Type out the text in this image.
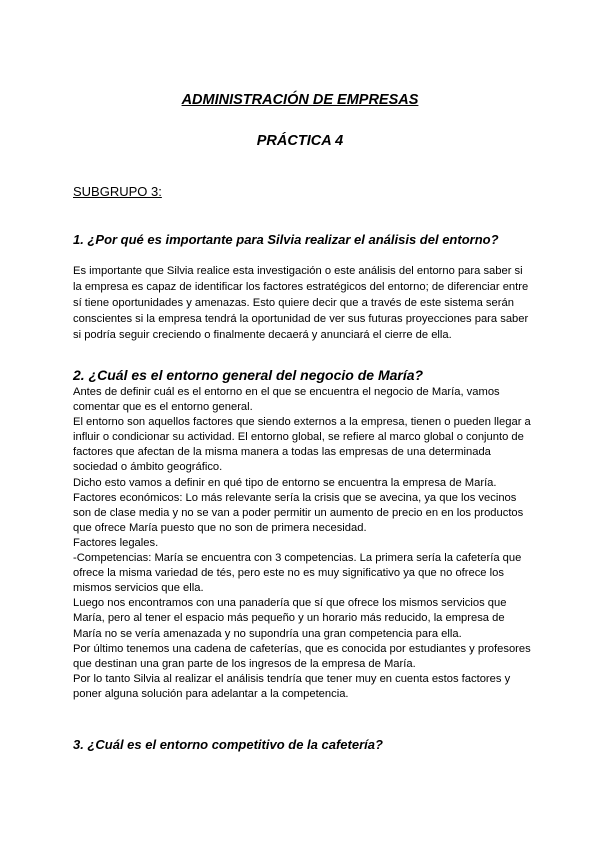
ADMINISTRACIÓN DE EMPRESAS
PRÁCTICA 4

SUBGRUPO 3:

1. ¿Por qué es importante para Silvia realizar el análisis del entorno?
Es importante que Silvia realice esta investigación o este análisis del entorno para saber si
la empresa es capaz de identificar los factores estratégicos del entorno; de diferenciar entre
sí tiene oportunidades y amenazas. Esto quiere decir que a través de este sistema serán
conscientes si la empresa tendrá la oportunidad de ver sus futuras proyecciones para saber
si podría seguir creciendo o finalmente decaerá y anunciará el cierre de ella.
2. ¿Cuál es el entorno general del negocio de María?
Antes de definir cuál es el entorno en el que se encuentra el negocio de María, vamos
comentar que es el entorno general.
El entorno son aquellos factores que siendo externos a la empresa, tienen o pueden llegar a
influir o condicionar su actividad. El entorno global, se refiere al marco global o conjunto de
factores que afectan de la misma manera a todas las empresas de una determinada
sociedad o ámbito geográfico.
Dicho esto vamos a definir en qué tipo de entorno se encuentra la empresa de María.
Factores económicos: Lo más relevante sería la crisis que se avecina, ya que los vecinos
son de clase media y no se van a poder permitir un aumento de precio en en los productos
que ofrece María puesto que no son de primera necesidad.
Factores legales.
-Competencias: María se encuentra con 3 competencias. La primera sería la cafetería que
ofrece la misma variedad de tés, pero este no es muy significativo ya que no ofrece los
mismos servicios que ella.
Luego nos encontramos con una panadería que sí que ofrece los mismos servicios que
María, pero al tener el espacio más pequeño y un horario más reducido, la empresa de
María no se vería amenazada y no supondría una gran competencia para ella.
Por último tenemos una cadena de cafeterías, que es conocida por estudiantes y profesores
que destinan una gran parte de los ingresos de la empresa de María.
Por lo tanto Silvia al realizar el análisis tendría que tener muy en cuenta estos factores y
poner alguna solución para adelantar a la competencia.
3. ¿Cuál es el entorno competitivo de la cafetería?
